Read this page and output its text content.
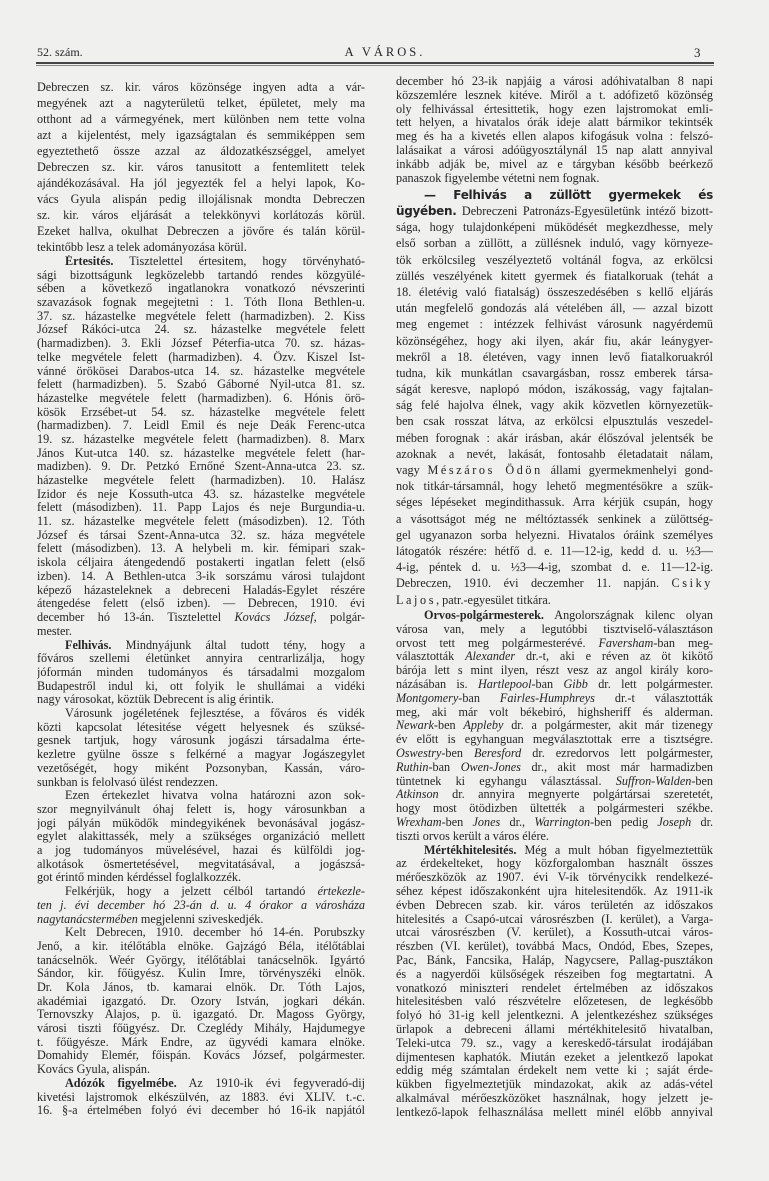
52. szám.	A VÁROS.	3
Debreczen sz. kir. város közönsége ingyen adta a vár-
megyének azt a nagyterületü telket, épületet, mely ma
otthont ad a vármegyének, mert különben nem tette volna
azt a kijelentést, mely igazságtalan és semmiképpen sem
egyeztethető össze azzal az áldozatkészséggel, amelyet
Debreczen sz. kir. város tanusitott a fentemlitett telek
ajándékozásával. Ha jól jegyezték fel a helyi lapok, Ko-
vács Gyula alispán pedig illojálisnak mondta Debreczen
sz. kir. város eljárását a telekkönyvi korlátozás körül.
Ezeket hallva, okulhat Debreczen a jövőre és talán körül-
tekintőbb lesz a telek adományozása körül.
Értesités. Tisztelettel értesitem, hogy törvényható-
sági bizottságunk legközelebb tartandó rendes közgyülé-
sében a következő ingatlanokra vonatkozó névszerinti
szavazások fognak megejtetni : 1. Tóth Ilona Bethlen-u.
37. sz. házastelke megvétele felett (harmadizben). 2. Kiss
József Rákóci-utca 24. sz. házastelke megvétele felett
(harmadizben). 3. Ekli József Péterfia-utca 70. sz. házas-
telke megvétele felett (harmadizben). 4. Özv. Kiszel Ist-
vánné örökösei Darabos-utca 14. sz. házastelke megvétele
felett (harmadizben). 5. Szabó Gáborné Nyil-utca 81. sz.
házastelke megvétele felett (harmadizben). 6. Hónis örö-
kösök Erzsébet-ut 54. sz. házastelke megvétele felett
(harmadizben). 7. Leidl Emil és neje Deák Ferenc-utca
19. sz. házastelke megvétele felett (harmadizben). 8. Marx
János Kut-utca 140. sz. házastelke megvétele felett (har-
madizben). 9. Dr. Petzkó Ernőné Szent-Anna-utca 23. sz.
házastelke megvétele felett (harmadizben). 10. Halász
Izidor és neje Kossuth-utca 43. sz. házastelke megvétele
felett (másodizben). 11. Papp Lajos és neje Burgundia-u.
11. sz. házastelke megvétele felett (másodizben). 12. Tóth
József és társai Szent-Anna-utca 32. sz. háza megvétele
felett (másodizben). 13. A helybeli m. kir. fémipari szak-
iskola céljaira átengedendő postakerti ingatlan felett (első
izben). 14. A Bethlen-utca 3-ik sorszámu városi tulajdont
képező házasteleknek a debreceni Haladás-Egylet részére
átengedése felett (első izben). — Debrecen, 1910. évi
december hó 13-án. Tisztelettel Kovács József, polgár-
mester.
Felhivás. Mindnyájunk által tudott tény, hogy a
főváros szellemi életünket annyira centrarlizálja, hogy
jóformán minden tudományos és társadalmi mozgalom
Budapestről indul ki, ott folyik le shullámai a vidéki
nagy városokat, köztük Debrecent is alig érintik.
Városunk jogéletének fejlesztése, a főváros és vidék
közti kapcsolat létesitése végett helyesnek és szüksé-
gesnek tartjuk, hogy városunk jogászi társadalma érte-
kezletre gyülne össze s felkérné a magyar Jogászegylet
vezetőségét, hogy miként Pozsonyban, Kassán, váro-
sunkban is felolvasó ülést rendezzen.
Ezen értekezlet hivatva volna határozni azon sok-
szor megnyilvánult óhaj felett is, hogy városunkban a
jogi pályán müködők mindegyikének bevonásával jogász-
egylet alakittassék, mely a szükséges organizáció mellett
a jog tudományos müvelésével, hazai és külföldi jog-
alkotások ösmertetésével, megvitatásával, a jogászsá-
got érintő minden kérdéssel foglalkozzék.
Felkérjük, hogy a jelzett célból tartandó értekezle-
ten j. évi december hó 23-án d. u. 4 órakor a városháza
nagytanácstermében megjelenni sziveskedjék.
Kelt Debrecen, 1910. december hó 14-én. Porubszky
Jenő, a kir. itélőtábla elnöke. Gajzágó Béla, itélőtáblai
tanácselnök. Weér György, itélőtáblai tanácselnök. Igyártó
Sándor, kir. főügyész. Kulin Imre, törvényszéki elnök.
Dr. Kola János, tb. kamarai elnök. Dr. Tóth Lajos,
akadémiai igazgató. Dr. Ozory István, jogkari dékán.
Ternovszky Alajos, p. ü. igazgató. Dr. Magoss György,
városi tiszti főügyész. Dr. Czeglédy Mihály, Hajdumegye
t. főügyésze. Márk Endre, az ügyvédi kamara elnöke.
Domahidy Elemér, főispán. Kovács József, polgármester.
Kovács Gyula, alispán.
Adózók figyelmébe. Az 1910-ik évi fegyveradó-dij
kivetési lajstromok elkészülvén, az 1883. évi XLIV. t.-c.
16. §-a értelmében folyó évi december hó 16-ik napjától
december hó 23-ik napjáig a városi adóhivatalban 8 napi
közszemlére lesznek kitéve. Miről a t. adófizető közönség
oly felhivással értesittetik, hogy ezen lajstromokat emli-
tett helyen, a hivatalos órák ideje alatt bármikor tekintsék
meg és ha a kivetés ellen alapos kifogásuk volna : felszó-
lalásaikat a városi adóügyosztálynál 15 nap alatt annyival
inkább adják be, mivel az e tárgyban később beérkező
panaszok figyelembe vétetni nem fognak.
— Felhivás a züllött gyermekek és
ügyében. Debreczeni Patronázs-Egyesületünk intéző bizott-
sága, hogy tulajdonképeni müködését megkezdhesse, mely
első sorban a züllött, a züllésnek induló, vagy környeze-
tök erkölcsileg veszélyeztető voltánál fogva, az erkölcsi
züllés veszélyének kitett gyermek és fiatalkoruak (tehát a
18. életévig való fiatalság) összeszedésében s kellő eljárás
után megfelelő gondozás alá vételében áll, — azzal bizott
meg engemet : intézzek felhivást városunk nagyérdemü
közönségéhez, hogy aki ilyen, akár fiu, akár leánygyer-
mekről a 18. életéven, vagy innen levő fiatalkoruakról
tudna, kik munkátlan csavargásban, rossz emberek társa-
ságát keresve, naplopó módon, iszákosság, vagy fajtalan-
ság felé hajolva élnek, vagy akik közvetlen környezetük-
ben csak rosszat látva, az erkölcsi elpusztulás veszedel-
mében forognak : akár irásban, akár élőszóval jelentsék be
azoknak a nevét, lakását, fontosahb életadatait nálam,
vagy Mészáros Ödön állami gyermekmenhelyi gond-
nok titkár-társamnál, hogy lehető megmentésökre a szük-
séges lépéseket megindithassuk. Arra kérjük csupán, hogy
a vásottságot még ne méltóztassék senkinek a zülöttség-
gel ugyanazon sorba helyezni. Hivatalos óráink személyes
látogatók részére: hétfő d. e. 11—12-ig, kedd d. u. ½3—
4-ig, péntek d. u. ½3—4-ig, szombat d. e. 11—12-ig.
Debreczen, 1910. évi deczemher 11. napján. Csiky
Lajos, patr.-egyesület titkára.
Orvos-polgármesterek. Angolországnak kilenc olyan
városa van, mely a legutóbbi tisztviselő-választáson
orvost tett meg polgármesterévé. Faversham-ban meg-
választották Alexander dr.-t, aki e réven az öt kikötő
bárója lett s mint ilyen, részt vesz az angol király koro-
názásában is. Hartlepool-ban Gibb dr. lett polgármester.
Montgomery-ban Fairles-Humphreys dr.-t választották
meg, aki már volt békebiró, highsheriff és alderman.
Newark-ben Appleby dr. a polgármester, akit már tizenegy
év előtt is egyhanguan megválasztottak erre a tisztségre.
Oswestry-ben Beresford dr. ezredorvos lett polgármester,
Ruthin-ban Owen-Jones dr., akit most már harmadizben
tüntetnek ki egyhangu választással. Suffron-Walden-ben
Atkinson dr. annyira megnyerte polgártársai szeretetét,
hogy most ötödizben ültették a polgármesteri székbe.
Wrexham-ben Jones dr., Warrington-ben pedig Joseph dr.
tiszti orvos került a város élére.
Mértékhitelesités. Még a mult hóban figyelmeztettük
az érdekelteket, hogy közforgalomban használt összes
mérőeszközök az 1907. évi V-ik törvénycikk rendelkezé-
séhez képest időszakonként ujra hitelesitendők. Az 1911-ik
évben Debrecen szab. kir. város területén az időszakos
hitelesités a Csapó-utcai városrészben (I. kerület), a Varga-
utcai városrészben (V. kerület), a Kossuth-utcai város-
részben (VI. kerület), továbbá Macs, Ondód, Ebes, Szepes,
Pac, Bánk, Fancsika, Haláp, Nagycsere, Pallag-pusztákon
és a nagyerdői külsőségek részeiben fog megtartatni. A
vonatkozó miniszteri rendelet értelmében az időszakos
hitelesitésben való részvételre előzetesen, de legkésőbb
folyó hó 31-ig kell jelentkezni. A jelentkezéshez szükséges
ürlapok a debreceni állami mértékhitelesitő hivatalban,
Teleki-utca 79. sz., vagy a kereskedő-társulat irodájában
dijmentesen kaphatók. Miután ezeket a jelentkező lapokat
eddig még számtalan érdekelt nem vette ki ; saját érde-
kükben figyelmeztetjük mindazokat, akik az adás-vétel
alkalmával mérőeszközöket használnak, hogy jelzett je-
lentkező-lapok felhasználása mellett minél előbb annyival
